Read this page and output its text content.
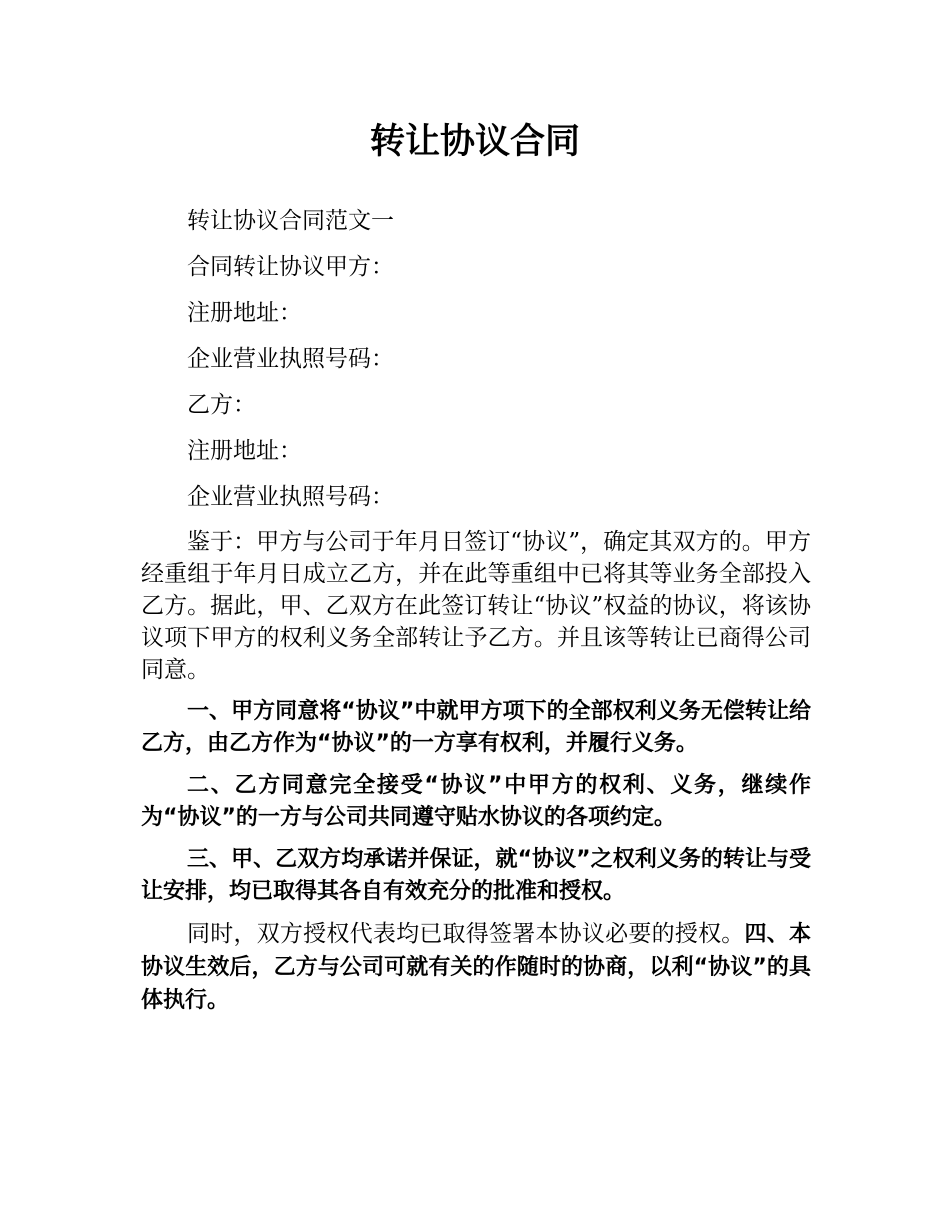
转让协议合同
转让协议合同范文一
合同转让协议甲方：
注册地址：
企业营业执照号码：
乙方：
注册地址：
企业营业执照号码：

鉴于：甲方与公司于年月日签订“协议”，确定其双方的。甲方经重组于年月日成立乙方，并在此等重组中已将其等业务全部投入乙方。据此，甲、乙双方在此签订转让“协议”权益的协议，将该协议项下甲方的权利义务全部转让予乙方。并且该等转让已商得公司同意。

一、甲方同意将“协议”中就甲方项下的全部权利义务无偿转让给乙方，由乙方作为“协议”的一方享有权利，并履行义务。

二、乙方同意完全接受“协议”中甲方的权利、义务，继续作为“协议”的一方与公司共同遵守贴水协议的各项约定。

三、甲、乙双方均承诺并保证，就“协议”之权利义务的转让与受让安排，均已取得其各自有效充分的批准和授权。

同时，双方授权代表均已取得签署本协议必要的授权。四、本协议生效后，乙方与公司可就有关的作随时的协商，以利“协议”的具体执行。
